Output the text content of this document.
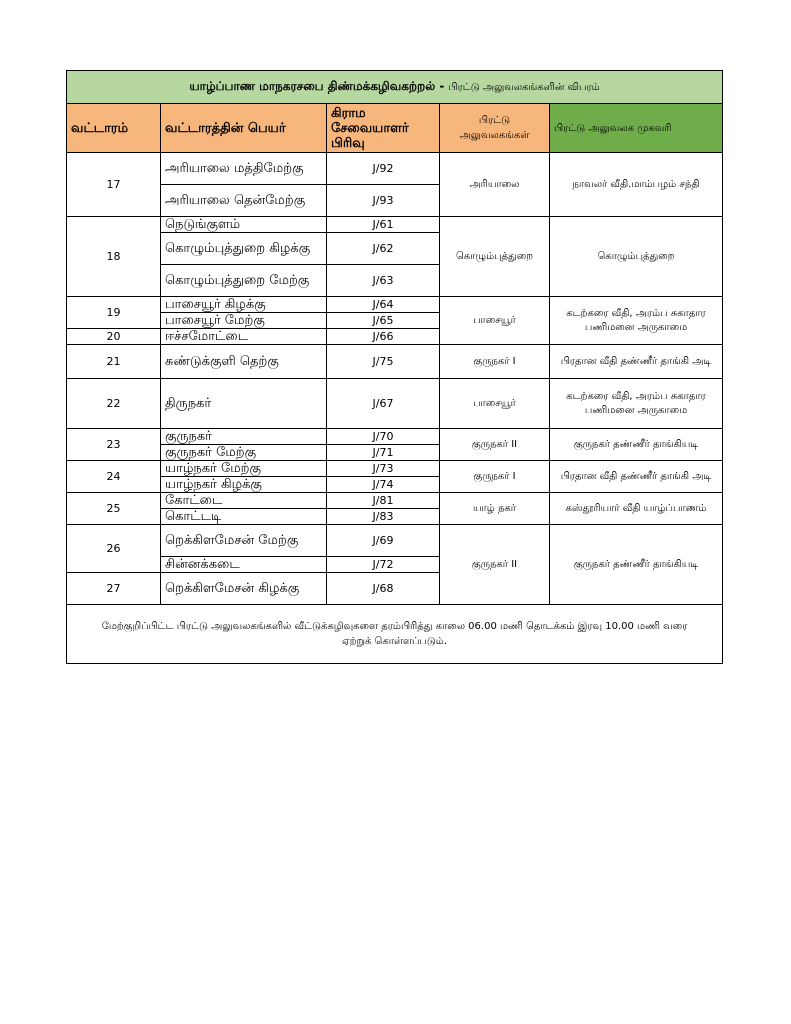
யாழ்ப்பாண மாநகரசபை திண்மக்கழிவகற்றல் - பிரட்டு அலுவலகங்களின் விபரம்				
வட்டாரம்	வட்டாரத்தின் பெயர்	கிராம சேவையாளர் பிரிவு	பிரட்டு அலுவலகங்கள்	பிரட்டு அலுவலக முகவரி
17	அரியாலை மத்திமேற்கு	J/92	அரியாலை	நாவலர் வீதி.மாம்பழம் சந்தி
	அரியாலை தென்மேற்கு	J/93		
18	நெடுங்குளம்	J/61	கொழும்புத்துறை	கொழும்புத்துறை
	கொழும்புத்துறை கிழக்கு	J/62		
	கொழும்புத்துறை மேற்கு	J/63		
19	பாசையூர் கிழக்கு	J/64	பாசையூர்	கடற்கரை வீதி, அரம்ப சுகாதார பணிமனை அருகாமை
	பாசையூர் மேற்கு	J/65		
20	ஈச்சமோட்டை	J/66		
21	சுண்டுக்குளி தெற்கு	J/75	குருநகர் I	பிரதான வீதி தண்ணீர் தாங்கி அடி
22	திருநகர்	J/67	பாசையூர்	கடற்கரை வீதி, அரம்ப சுகாதார பணிமனை அருகாமை
23	குருநகர்	J/70	குருநகர் II	குருநகர் தண்ணீர் தாங்கியடி
	குருநகர் மேற்கு	J/71		
24	யாழ்நகர் மேற்கு	J/73	குருநகர் I	பிரதான வீதி தண்ணீர் தாங்கி அடி
	யாழ்நகர் கிழக்கு	J/74		
25	கோட்டை	J/81	யாழ் நகர்	கஸ்தூரியார் வீதி யாழ்ப்பாணம்
	கொட்டடி	J/83		
26	றெக்கிளமேசன் மேற்கு	J/69	குருநகர் II	குருநகர் தண்ணீர் தாங்கியடி
	சின்னக்கடை	J/72		
27	றெக்கிளமேசன் கிழக்கு	J/68		
மேற்குறிப்பிட்ட பிரட்டு அலுவலகங்களில் வீட்டுக்கழிவுகளை தரம்பிரித்து காலை 06.00 மணி தொடக்கம் இரவு 10.00 மணி வரை ஏற்றுக் கொள்ளப்படும்.				
